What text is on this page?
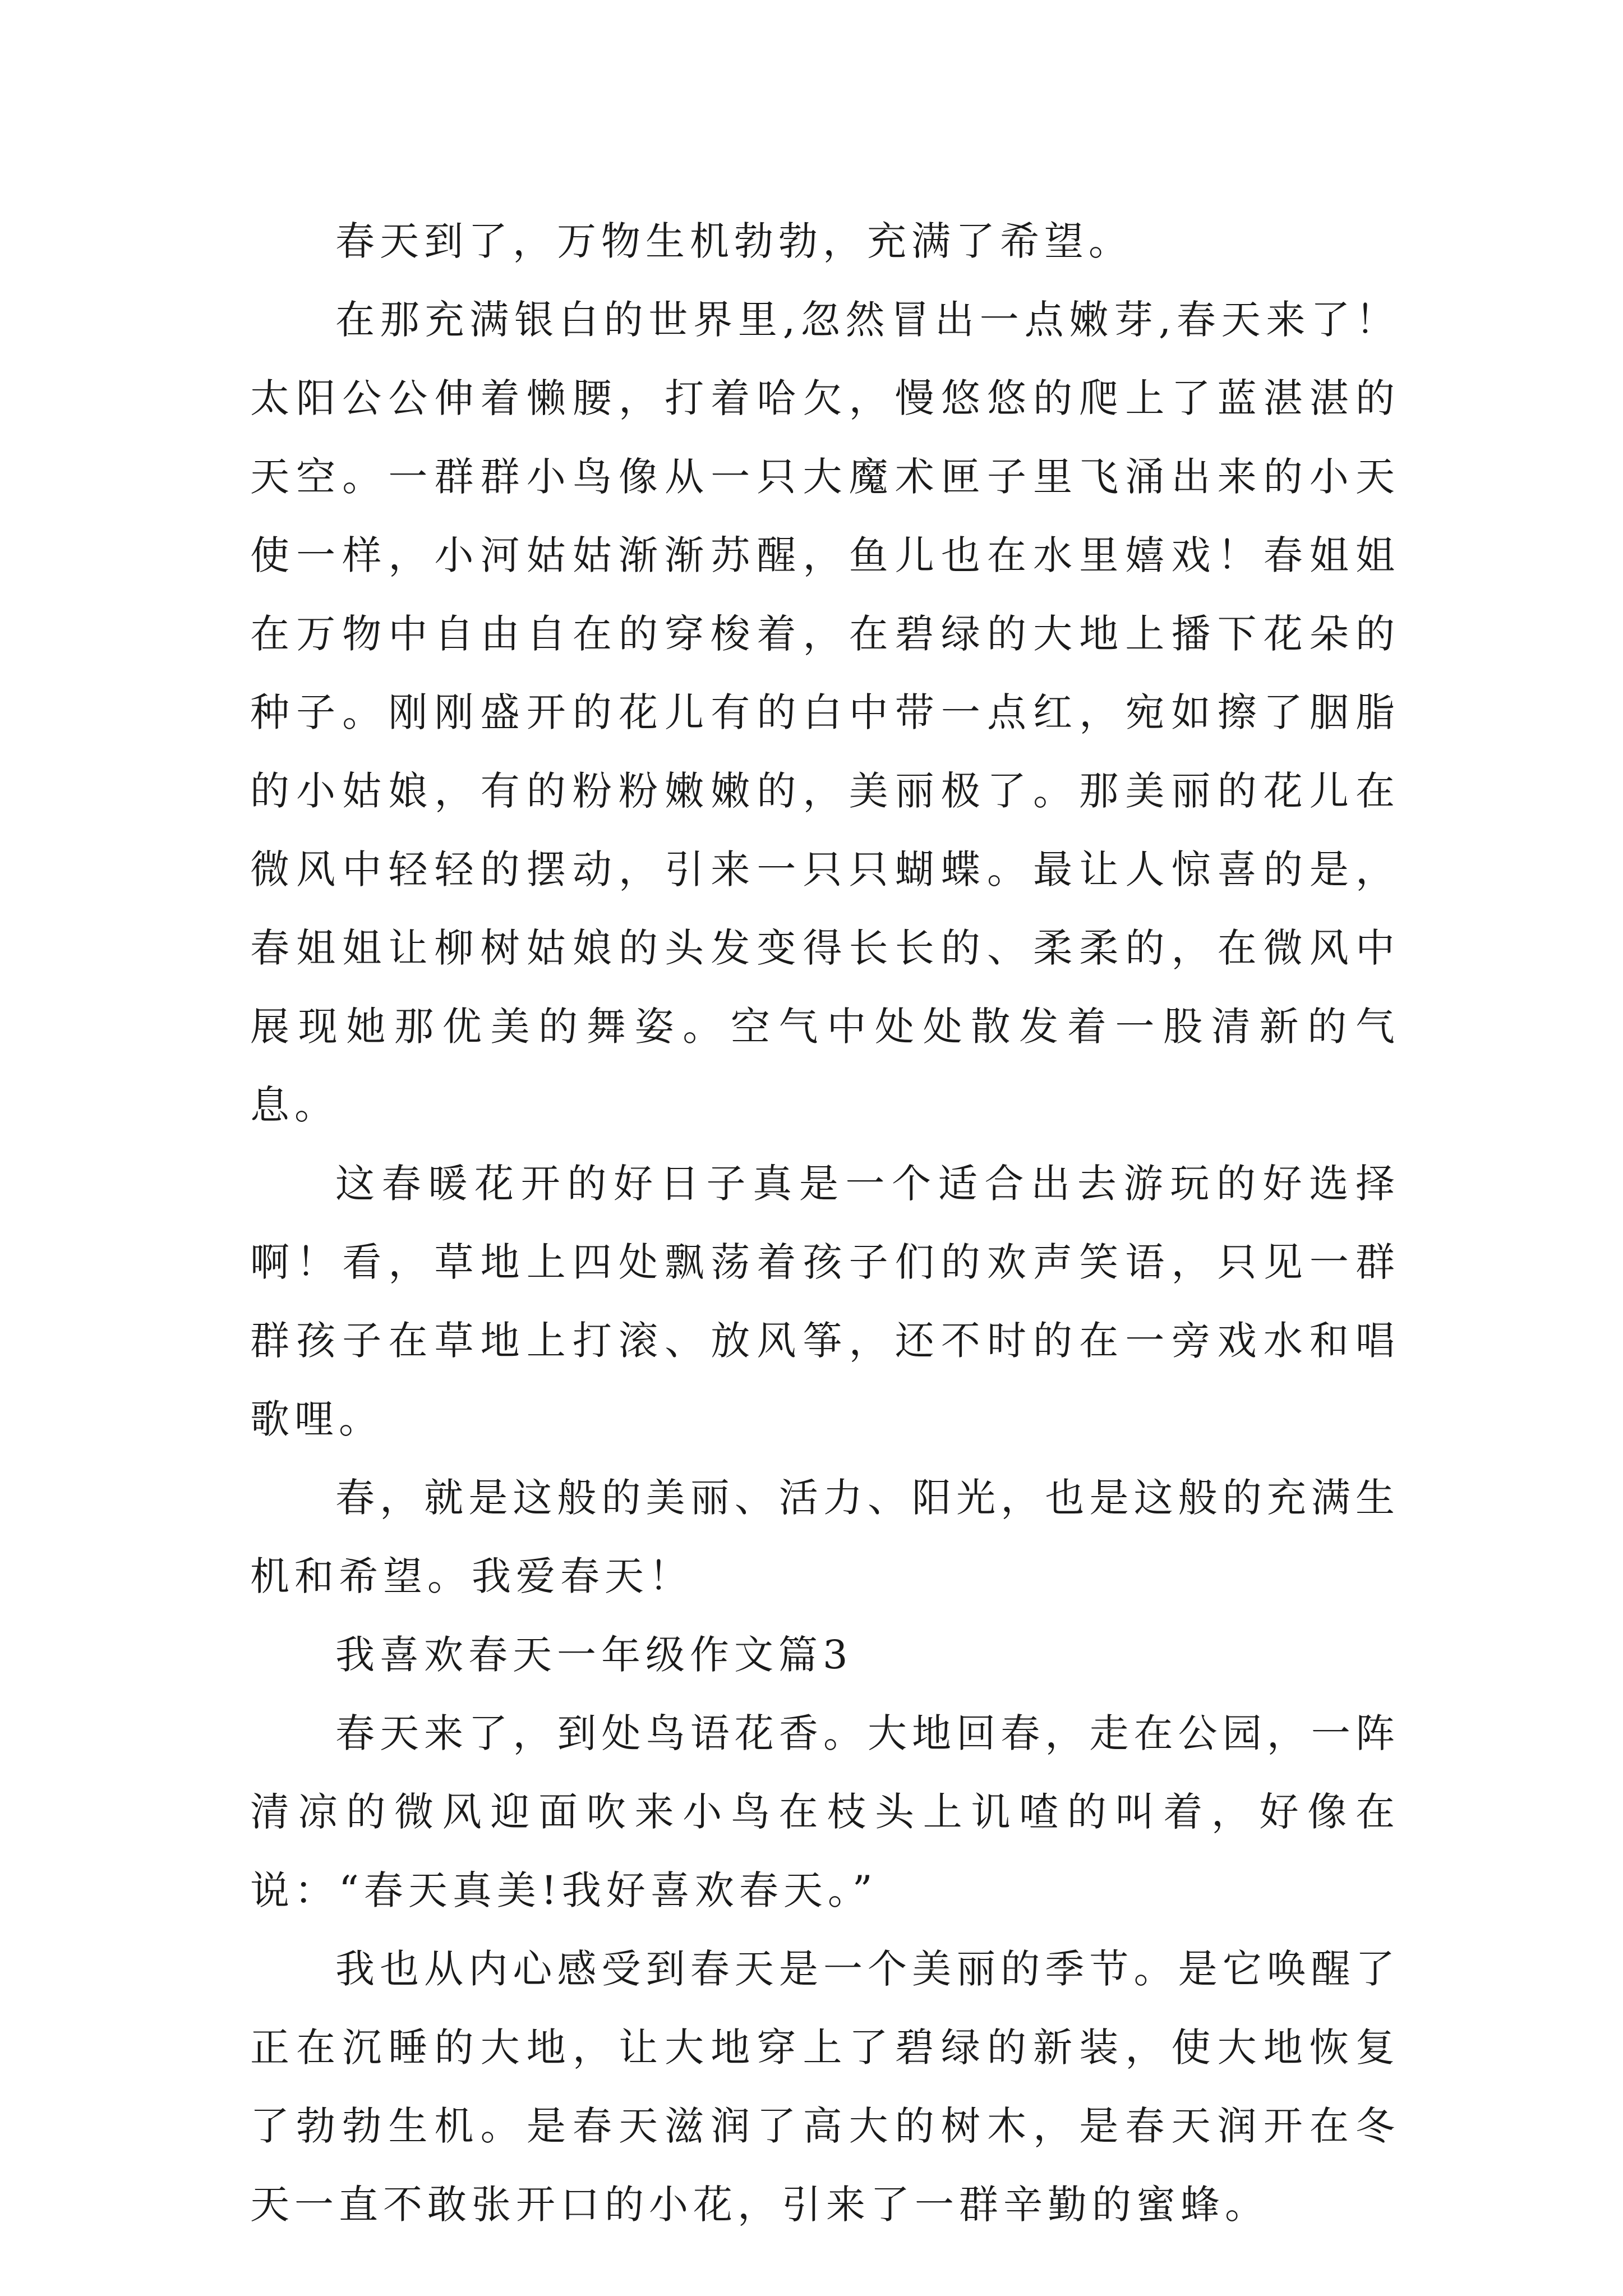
春天到了，万物生机勃勃，充满了希望。

在那充满银白的世界里,忽然冒出一点嫩芽,春天来了！太阳公公伸着懒腰，打着哈欠，慢悠悠的爬上了蓝湛湛的天空。一群群小鸟像从一只大魔术匣子里飞涌出来的小天使一样，小河姑姑渐渐苏醒，鱼儿也在水里嬉戏！春姐姐在万物中自由自在的穿梭着，在碧绿的大地上播下花朵的种子。刚刚盛开的花儿有的白中带一点红，宛如擦了胭脂的小姑娘，有的粉粉嫩嫩的，美丽极了。那美丽的花儿在微风中轻轻的摆动，引来一只只蝴蝶。最让人惊喜的是，春姐姐让柳树姑娘的头发变得长长的、柔柔的，在微风中展现她那优美的舞姿。空气中处处散发着一股清新的气息。

这春暖花开的好日子真是一个适合出去游玩的好选择啊！看，草地上四处飘荡着孩子们的欢声笑语，只见一群群孩子在草地上打滚、放风筝，还不时的在一旁戏水和唱歌哩。

春，就是这般的美丽、活力、阳光，也是这般的充满生机和希望。我爱春天！

我喜欢春天一年级作文篇3

春天来了，到处鸟语花香。大地回春，走在公园，一阵清凉的微风迎面吹来小鸟在枝头上讥喳的叫着，好像在说：“春天真美!我好喜欢春天。”

我也从内心感受到春天是一个美丽的季节。是它唤醒了正在沉睡的大地，让大地穿上了碧绿的新装，使大地恢复了勃勃生机。是春天滋润了高大的树木，是春天润开在冬天一直不敢张开口的小花，引来了一群辛勤的蜜蜂。
